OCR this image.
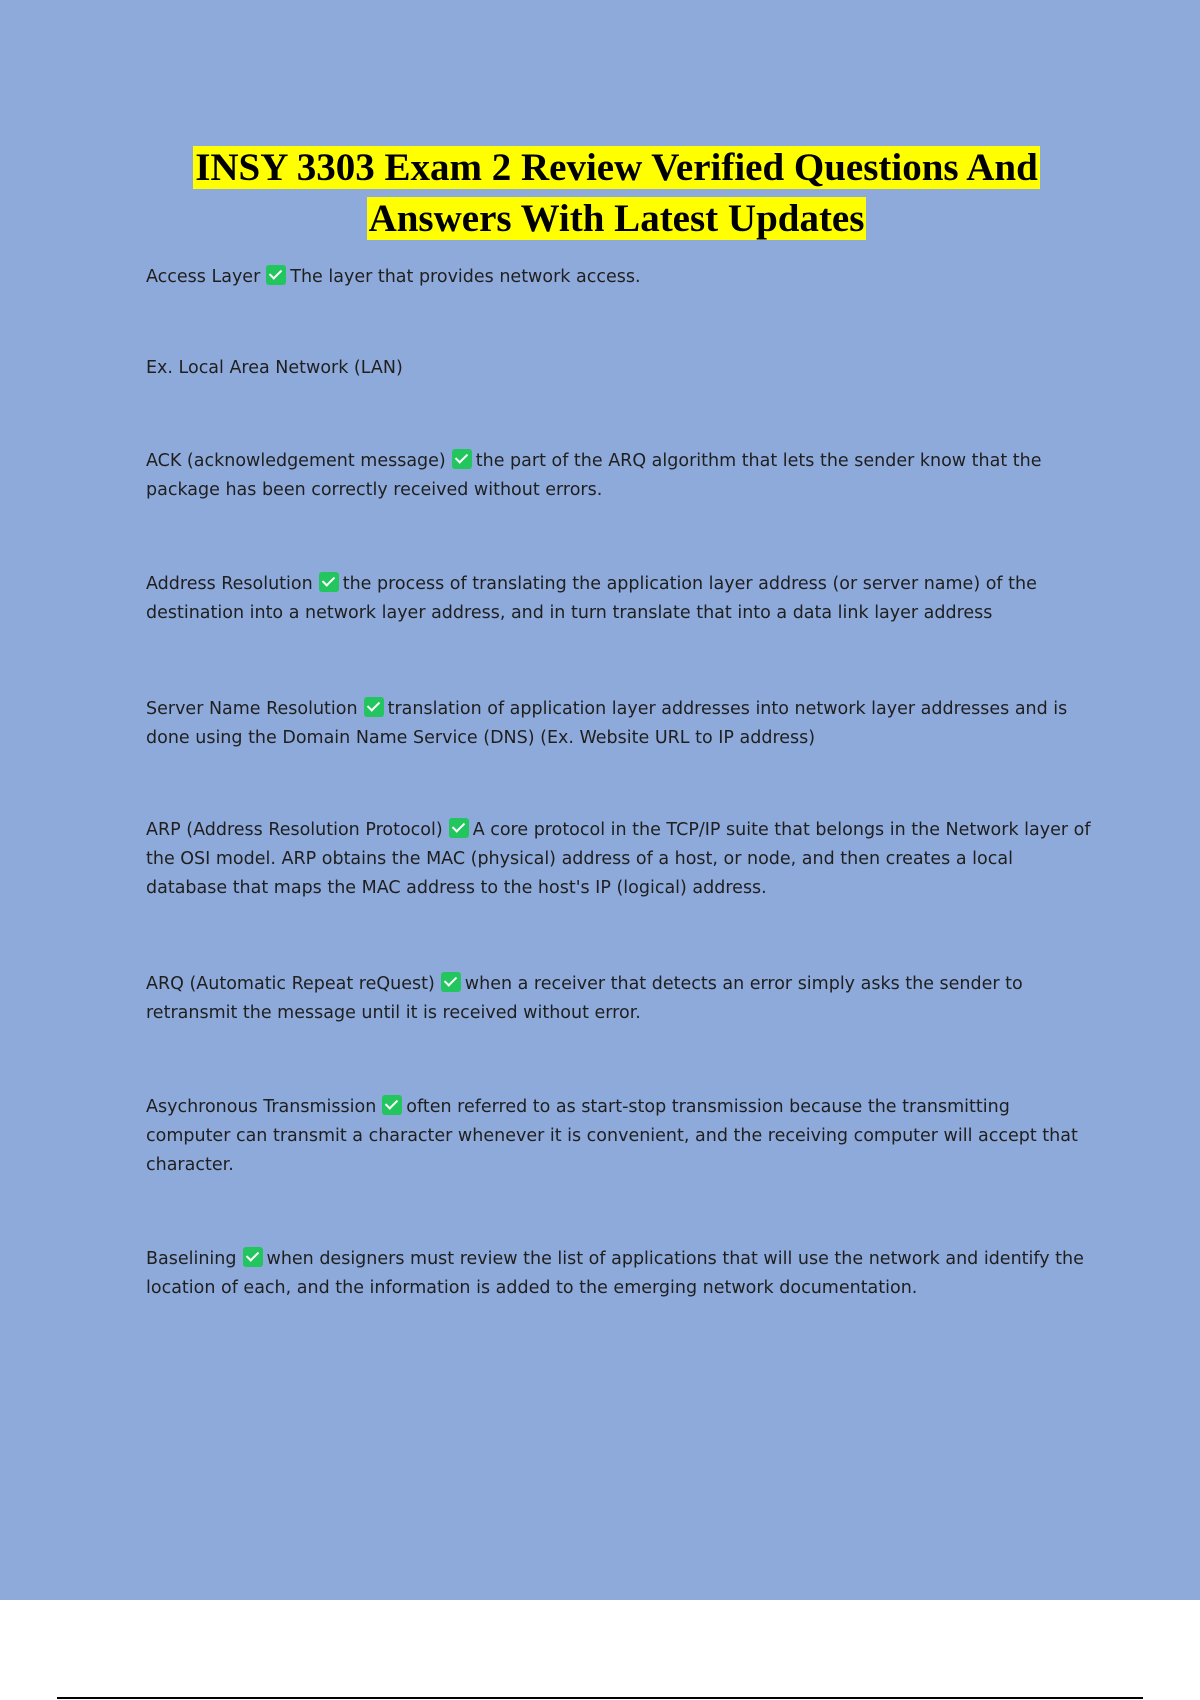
INSY 3303 Exam 2 Review Verified Questions And
Answers With Latest Updates

Access Layer The layer that provides network access.

Ex. Local Area Network (LAN)

ACK (acknowledgement message) the part of the ARQ algorithm that lets the sender know that the package has been correctly received without errors.

Address Resolution the process of translating the application layer address (or server name) of the destination into a network layer address, and in turn translate that into a data link layer address

Server Name Resolution translation of application layer addresses into network layer addresses and is done using the Domain Name Service (DNS) (Ex. Website URL to IP address)

ARP (Address Resolution Protocol) A core protocol in the TCP/IP suite that belongs in the Network layer of the OSI model. ARP obtains the MAC (physical) address of a host, or node, and then creates a local database that maps the MAC address to the host's IP (logical) address.

ARQ (Automatic Repeat reQuest) when a receiver that detects an error simply asks the sender to retransmit the message until it is received without error.

Asychronous Transmission often referred to as start-stop transmission because the transmitting computer can transmit a character whenever it is convenient, and the receiving computer will accept that character.

Baselining when designers must review the list of applications that will use the network and identify the location of each, and the information is added to the emerging network documentation.
